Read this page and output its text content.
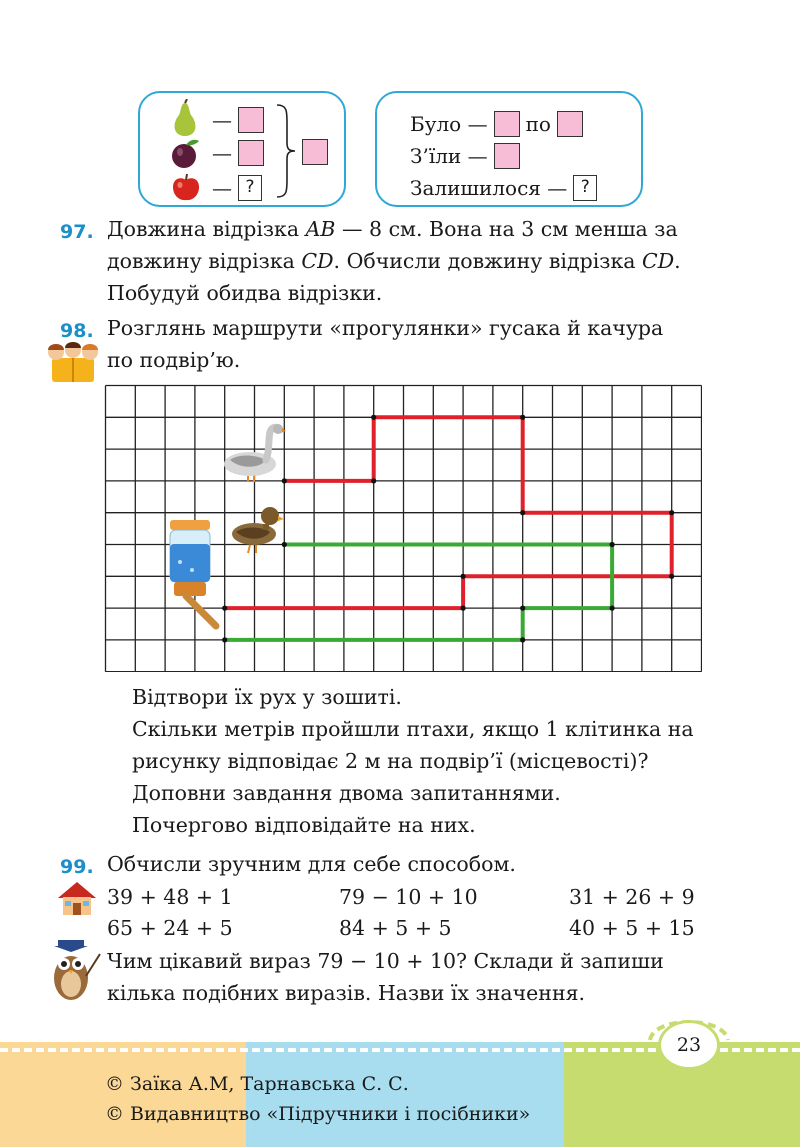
—
—
— ?
Було — по
З’їли —
Залишилося — ?
97. Довжина відрізка AB — 8 см. Вона на 3 см менша за
довжину відрізка CD. Обчисли довжину відрізка CD.
Побудуй обидва відрізки.
98. Розглянь маршрути «прогулянки» гусака й качура
по подвір’ю.
Відтвори їх рух у зошиті.
Скільки метрів пройшли птахи, якщо 1 клітинка на
рисунку відповідає 2 м на подвір’ї (місцевості)?
Доповни завдання двома запитаннями.
Почергово відповідайте на них.
99. Обчисли зручним для себе способом.
39 + 48 + 1	79 − 10 + 10	31 + 26 + 9
65 + 24 + 5	84 + 5 + 5	40 + 5 + 15
Чим цікавий вираз 79 − 10 + 10? Склади й запиши
кілька подібних виразів. Назви їх значення.
23
© Заїка А.М, Тарнавська С. С.
© Видавництво «Підручники і посібники»
